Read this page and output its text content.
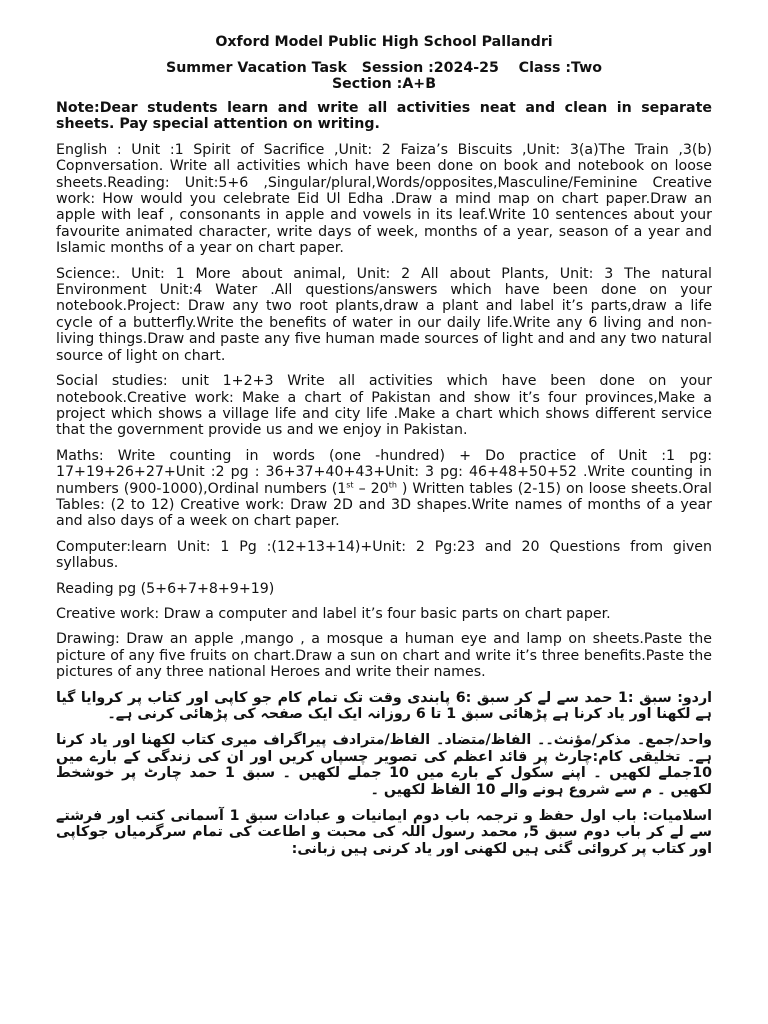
Oxford Model Public High School Pallandri
Summer Vacation Task   Session :2024-25    Class :Two
Section :A+B

Note:Dear students learn and write all activities neat and clean in separate sheets. Pay special attention on writing.

English : Unit :1 Spirit of Sacrifice ,Unit: 2 Faiza’s Biscuits ,Unit: 3(a)The Train ,3(b) Copnversation. Write all activities which have been done on book and notebook on loose sheets.Reading: Unit:5+6 ,Singular/plural,Words/opposites,Masculine/Feminine Creative work: How would you celebrate Eid Ul Edha .Draw a mind map on chart paper.Draw an apple with leaf , consonants in apple and vowels in its leaf.Write 10 sentences about your favourite animated character, write days of week, months of a year, season of a year and Islamic months of a year on chart paper.

Science:. Unit: 1 More about animal, Unit: 2 All about Plants, Unit: 3 The natural Environment Unit:4 Water .All questions/answers which have been done on your notebook.Project: Draw any two root plants,draw a plant and label it’s parts,draw a life cycle of a butterfly.Write the benefits of water in our daily life.Write any 6 living and non-living things.Draw and paste any five human made sources of light and and any two natural source of light on chart.

Social studies: unit 1+2+3 Write all activities which have been done on your notebook.Creative work: Make a chart of Pakistan and show it’s four provinces,Make a project which shows a village life and city life .Make a chart which shows different service that the government provide us and we enjoy in Pakistan.

Maths: Write counting in words (one -hundred) + Do practice of Unit :1 pg: 17+19+26+27+Unit :2 pg : 36+37+40+43+Unit: 3 pg: 46+48+50+52 .Write counting in numbers (900-1000),Ordinal numbers (1st – 20th ) Written tables (2-15) on loose sheets.Oral Tables: (2 to 12) Creative work: Draw 2D and 3D shapes.Write names of months of a year and also days of a week on chart paper.

Computer:learn Unit: 1 Pg :(12+13+14)+Unit: 2 Pg:23 and 20 Questions from given syllabus.

Reading pg (5+6+7+8+9+19)

Creative work: Draw a computer and label it’s four basic parts on chart paper.

Drawing: Draw an apple ,mango , a mosque a human eye and lamp on sheets.Paste the picture of any five fruits on chart.Draw a sun on chart and write it’s three benefits.Paste the pictures of any three national Heroes and write their names.

اردو: سبق :1 حمد سے لے کر سبق :6 پابندی وقت تک تمام کام جو کاپی اور کتاب پر کروایا گیا ہے لکھنا اور یاد کرنا ہے پڑھائی سبق 1 تا 6 روزانہ ایک ایک صفحہ کی پڑھائی کرنی ہے۔
واحد/جمع۔ مذکر/مؤنث۔۔ الفاظ/متضاد۔ الفاظ/مترادف پیراگراف میری کتاب لکھنا اور یاد کرنا ہے۔ تخلیقی کام:چارٹ پر قائد اعظم کی تصویر چسپاں کریں اور ان کی زندگی کے بارے میں 10جملے لکھیں ۔ اپنے سکول کے بارے میں 10 جملے لکھیں ۔ سبق 1 حمد چارٹ پر خوشخط لکھیں ۔ م سے شروع ہونے والے 10 الفاظ لکھیں ۔
اسلامیات: باب اول حفظ و ترجمہ باب دوم ایمانیات و عبادات سبق 1 آسمانی کتب اور فرشتے سے لے کر باب دوم سبق 5, محمد رسول اللہ کی محبت و اطاعت کی تمام سرگرمیاں جوکاپی اور کتاب پر کروائی گئی ہیں لکھنی اور یاد کرنی ہیں زبانی:
